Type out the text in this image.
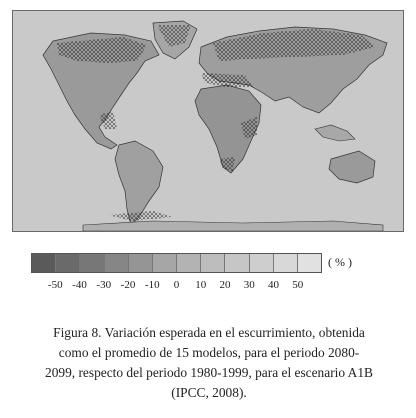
( % )
-50 -40 -30 -20 -10 0 10 20 30 40 50
Figura 8. Variación esperada en el escurrimiento, obtenida
como el promedio de 15 modelos, para el periodo 2080-
2099, respecto del periodo 1980-1999, para el escenario A1B
(IPCC, 2008).
